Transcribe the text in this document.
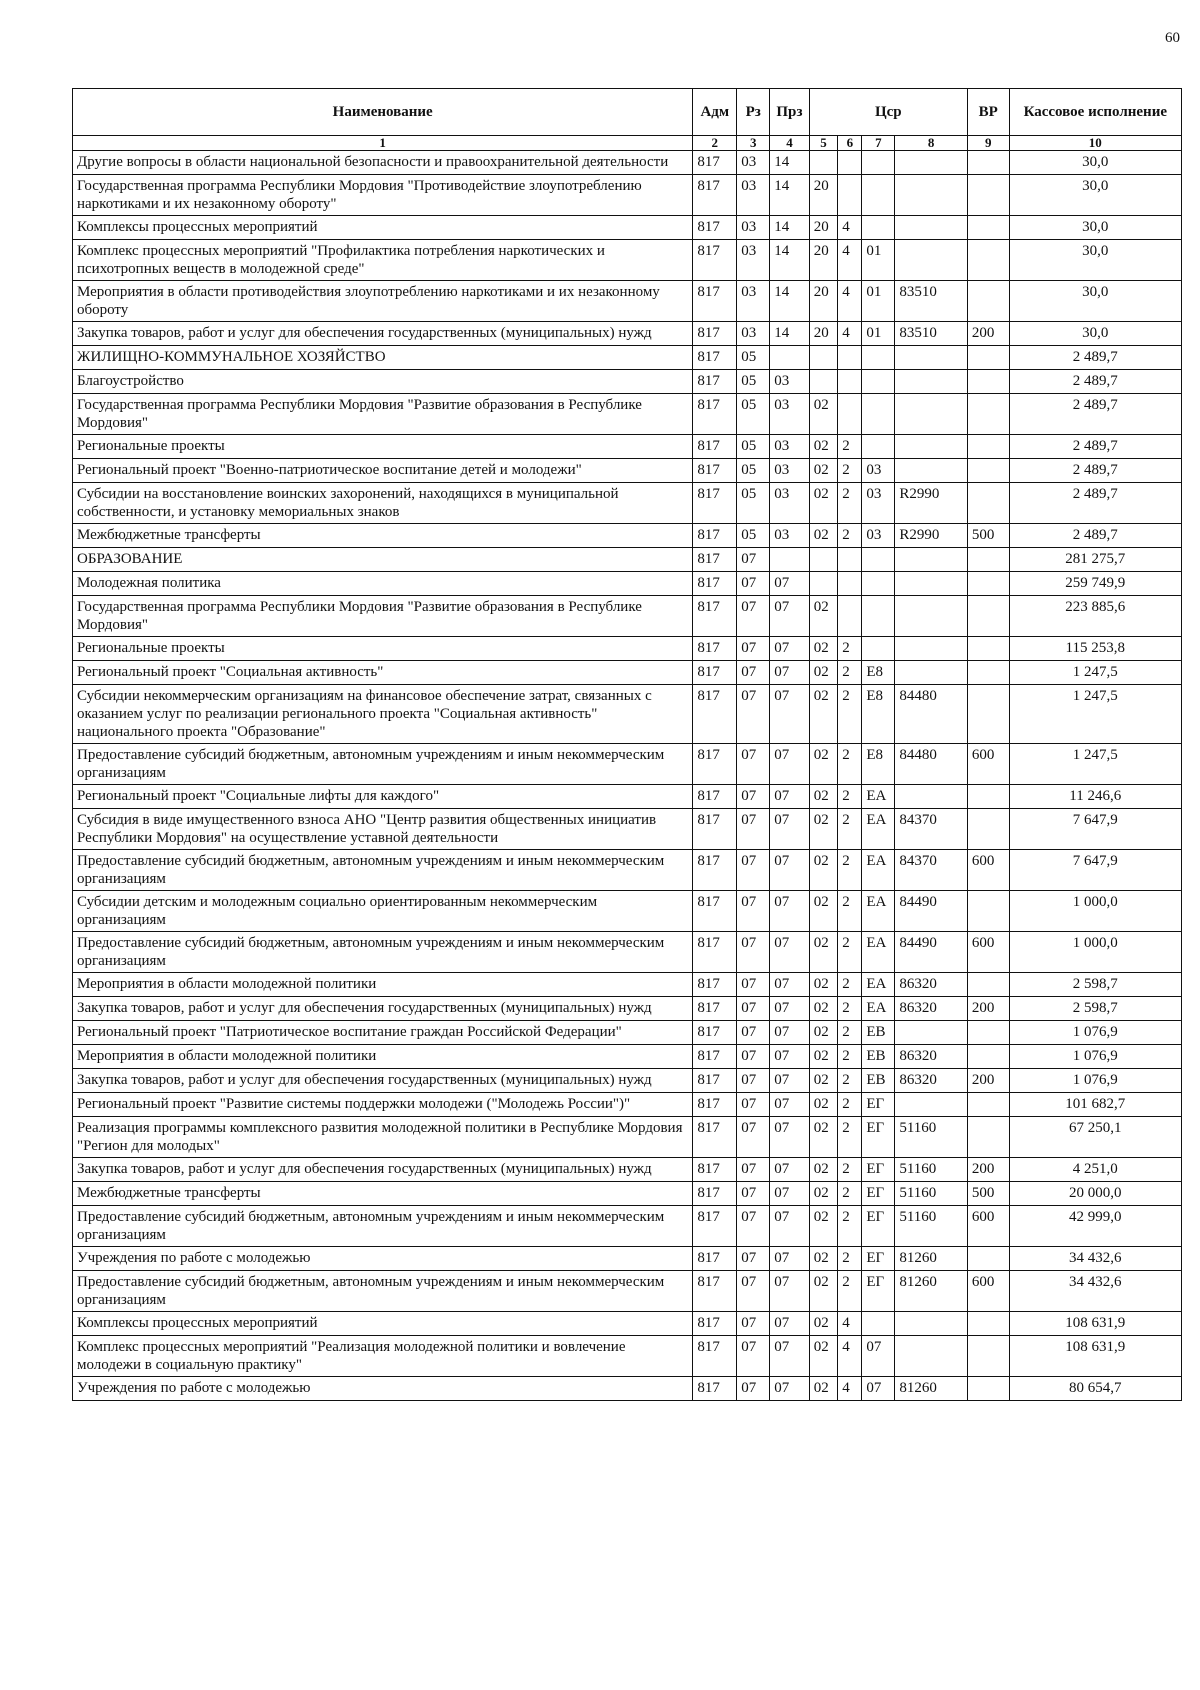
60
Наименование	Адм	Рз	Прз	Цср				ВР	Кассовое исполнение
1	2	3	4	5	6	7	8	9	10
Другие вопросы в области национальной безопасности и правоохранительной деятельности	817	03	14						30,0
Государственная программа Республики Мордовия "Противодействие злоупотреблению наркотиками и их незаконному обороту"	817	03	14	20					30,0
Комплексы процессных мероприятий	817	03	14	20	4				30,0
Комплекс процессных мероприятий "Профилактика потребления наркотических и психотропных веществ в молодежной среде"	817	03	14	20	4	01			30,0
Мероприятия в области противодействия злоупотреблению наркотиками и их незаконному обороту	817	03	14	20	4	01	83510		30,0
Закупка товаров, работ и услуг для обеспечения государственных (муниципальных) нужд	817	03	14	20	4	01	83510	200	30,0
ЖИЛИЩНО-КОММУНАЛЬНОЕ ХОЗЯЙСТВО	817	05							2 489,7
Благоустройство	817	05	03						2 489,7
Государственная программа Республики Мордовия "Развитие образования в Республике Мордовия"	817	05	03	02					2 489,7
Региональные проекты	817	05	03	02	2				2 489,7
Региональный проект "Военно-патриотическое воспитание детей и молодежи"	817	05	03	02	2	03			2 489,7
Субсидии на восстановление воинских захоронений, находящихся в муниципальной собственности, и установку мемориальных знаков	817	05	03	02	2	03	R2990		2 489,7
Межбюджетные трансферты	817	05	03	02	2	03	R2990	500	2 489,7
ОБРАЗОВАНИЕ	817	07							281 275,7
Молодежная политика	817	07	07						259 749,9
Государственная программа Республики Мордовия "Развитие образования в Республике Мордовия"	817	07	07	02					223 885,6
Региональные проекты	817	07	07	02	2				115 253,8
Региональный проект "Социальная активность"	817	07	07	02	2	Е8			1 247,5
Субсидии некоммерческим организациям на финансовое обеспечение затрат, связанных с оказанием услуг по реализации регионального проекта "Социальная активность" национального проекта "Образование"	817	07	07	02	2	Е8	84480		1 247,5
Предоставление субсидий бюджетным, автономным учреждениям и иным некоммерческим организациям	817	07	07	02	2	Е8	84480	600	1 247,5
Региональный проект "Социальные лифты для каждого"	817	07	07	02	2	ЕА			11 246,6
Субсидия в виде имущественного взноса АНО "Центр развития общественных инициатив Республики Мордовия" на осуществление уставной деятельности	817	07	07	02	2	ЕА	84370		7 647,9
Предоставление субсидий бюджетным, автономным учреждениям и иным некоммерческим организациям	817	07	07	02	2	ЕА	84370	600	7 647,9
Субсидии детским и молодежным социально ориентированным некоммерческим организациям	817	07	07	02	2	ЕА	84490		1 000,0
Предоставление субсидий бюджетным, автономным учреждениям и иным некоммерческим организациям	817	07	07	02	2	ЕА	84490	600	1 000,0
Мероприятия в области молодежной политики	817	07	07	02	2	ЕА	86320		2 598,7
Закупка товаров, работ и услуг для обеспечения государственных (муниципальных) нужд	817	07	07	02	2	ЕА	86320	200	2 598,7
Региональный проект "Патриотическое воспитание граждан Российской Федерации"	817	07	07	02	2	ЕВ			1 076,9
Мероприятия в области молодежной политики	817	07	07	02	2	ЕВ	86320		1 076,9
Закупка товаров, работ и услуг для обеспечения государственных (муниципальных) нужд	817	07	07	02	2	ЕВ	86320	200	1 076,9
Региональный проект "Развитие системы поддержки молодежи ("Молодежь России")"	817	07	07	02	2	ЕГ			101 682,7
Реализация программы комплексного развития молодежной политики в Республике Мордовия "Регион для молодых"	817	07	07	02	2	ЕГ	51160		67 250,1
Закупка товаров, работ и услуг для обеспечения государственных (муниципальных) нужд	817	07	07	02	2	ЕГ	51160	200	4 251,0
Межбюджетные трансферты	817	07	07	02	2	ЕГ	51160	500	20 000,0
Предоставление субсидий бюджетным, автономным учреждениям и иным некоммерческим организациям	817	07	07	02	2	ЕГ	51160	600	42 999,0
Учреждения по работе с молодежью	817	07	07	02	2	ЕГ	81260		34 432,6
Предоставление субсидий бюджетным, автономным учреждениям и иным некоммерческим организациям	817	07	07	02	2	ЕГ	81260	600	34 432,6
Комплексы процессных мероприятий	817	07	07	02	4				108 631,9
Комплекс процессных мероприятий "Реализация молодежной политики и вовлечение молодежи в социальную практику"	817	07	07	02	4	07			108 631,9
Учреждения по работе с молодежью	817	07	07	02	4	07	81260		80 654,7
